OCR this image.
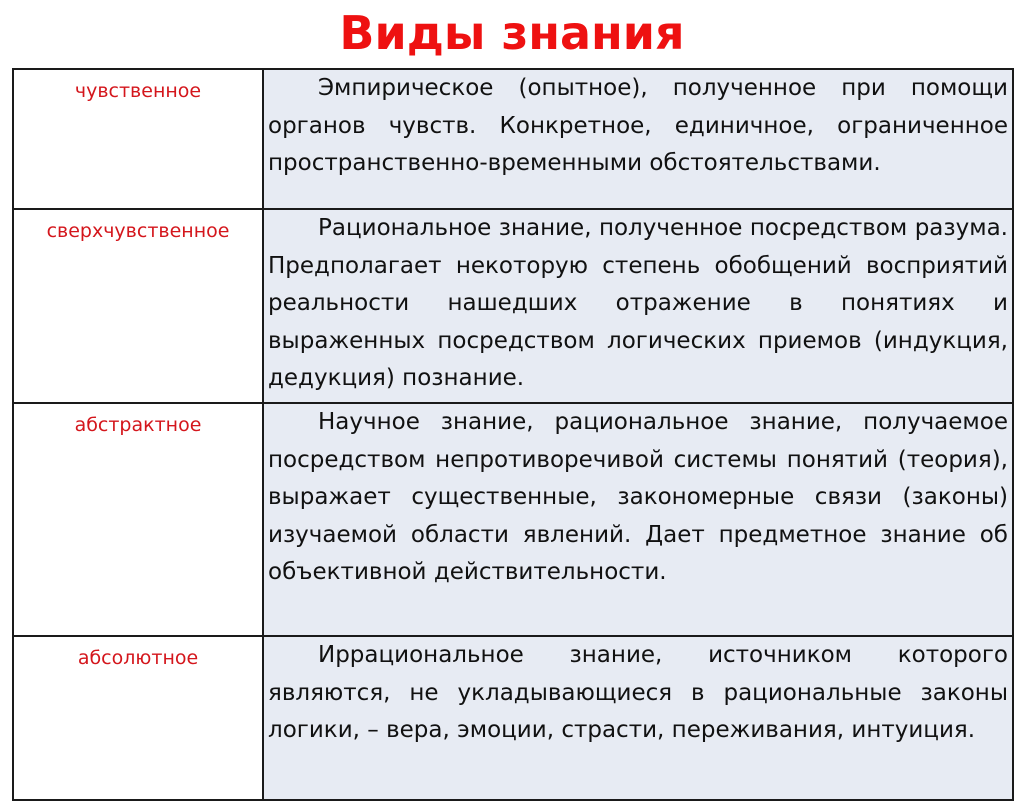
Виды знания
чувственное	Эмпирическое (опытное), полученное при помощи органов чувств. Конкретное, единичное, ограниченное пространственно-временными обстоятельствами.
сверхчувственное	Рациональное знание, полученное посредством разума. Предполагает некоторую степень обобщений восприятий реальности нашедших отражение в понятиях и выраженных посредством логических приемов (индукция, дедукция) познание.
абстрактное	Научное знание, рациональное знание, получаемое посредством непротиворечивой системы понятий (теория), выражает существенные, закономерные связи (законы) изучаемой области явлений. Дает предметное знание об объективной действительности.
абсолютное	Иррациональное знание, источником которого являются, не укладывающиеся в рациональные законы логики, – вера, эмоции, страсти, переживания, интуиция.
